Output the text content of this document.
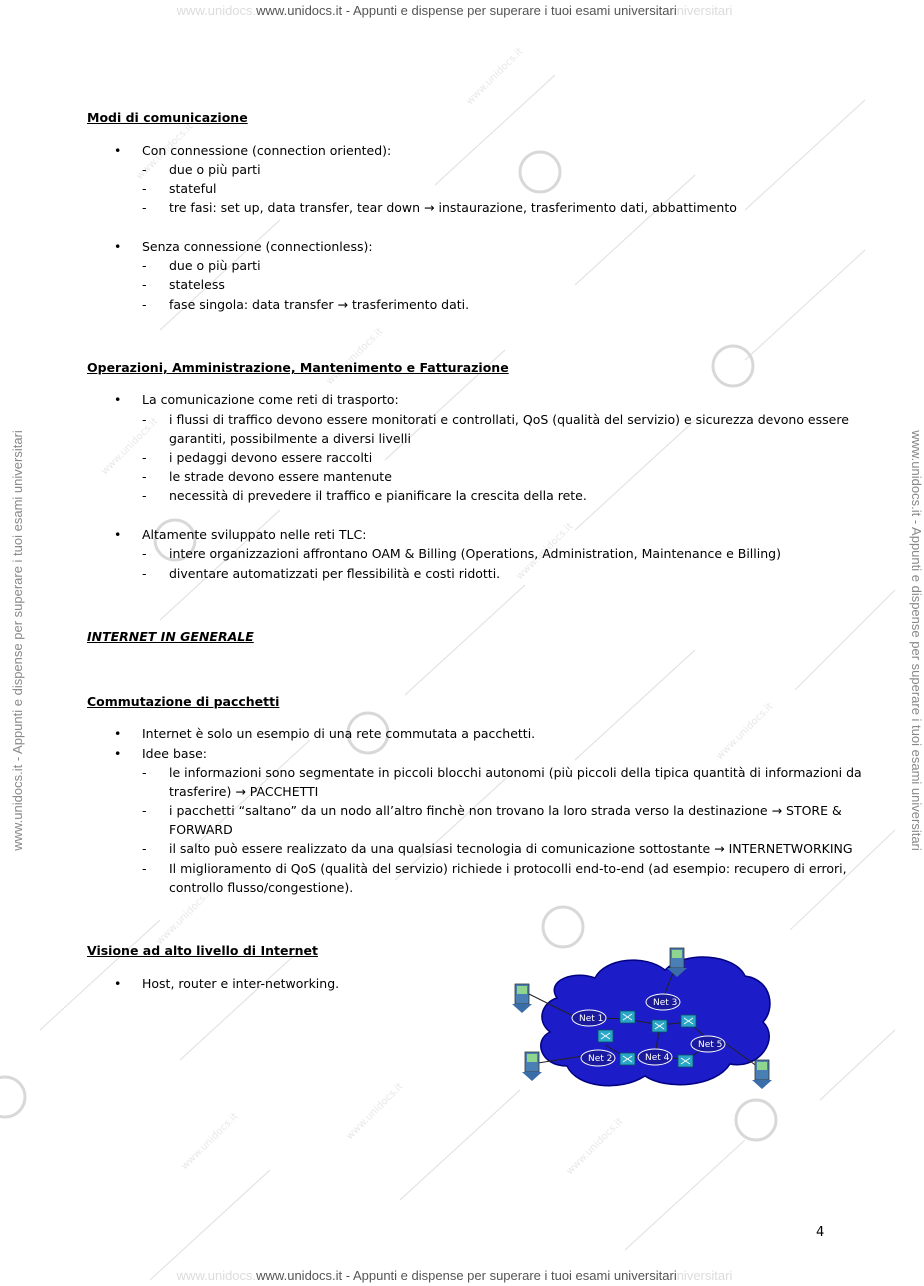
www.unidocs.it
www.unidocs.it
www.unidocs.it
www.unidocs.it
www.unidocs.it
www.unidocs.it
www.unidocs.it
www.unidocs.it
www.unidocs.it
www.unidocs.it
www.unidocs.www.unidocs.it - Appunti e dispense per superare i tuoi esami universitariniversitari
www.unidocs.www.unidocs.it - Appunti e dispense per superare i tuoi esami universitariniversitari
www.unidocs.it - Appunti e dispense per superare i tuoi esami universitari	www.unidocs.it - Appunti e dispense per superare i tuoi esami universitari
Modi di comunicazione
• Con connessione (connection oriented):
- due o più parti
- stateful
- tre fasi: set up, data transfer, tear down → instaurazione, trasferimento dati, abbattimento
• Senza connessione (connectionless):
- due o più parti
- stateless
- fase singola: data transfer → trasferimento dati.
Operazioni, Amministrazione, Mantenimento e Fatturazione
• La comunicazione come reti di trasporto:
- i flussi di traffico devono essere monitorati e controllati, QoS (qualità del servizio) e sicurezza devono essere
garantiti, possibilmente a diversi livelli
- i pedaggi devono essere raccolti
- le strade devono essere mantenute
- necessità di prevedere il traffico e pianificare la crescita della rete.
• Altamente sviluppato nelle reti TLC:
- intere organizzazioni affrontano OAM & Billing (Operations, Administration, Maintenance e Billing)
- diventare automatizzati per flessibilità e costi ridotti.
INTERNET IN GENERALE
Commutazione di pacchetti
• Internet è solo un esempio di una rete commutata a pacchetti.
• Idee base:
- le informazioni sono segmentate in piccoli blocchi autonomi (più piccoli della tipica quantità di informazioni da
trasferire) → PACCHETTI
- i pacchetti “saltano” da un nodo all’altro finchè non trovano la loro strada verso la destinazione → STORE &
FORWARD
- il salto può essere realizzato da una qualsiasi tecnologia di comunicazione sottostante → INTERNETWORKING
- Il miglioramento di QoS (qualità del servizio) richiede i protocolli end-to-end (ad esempio: recupero di errori,
controllo flusso/congestione).
Visione ad alto livello di Internet
• Host, router e inter-networking.
Net 1
Net 2
Net 3
Net 4
Net 5
4
